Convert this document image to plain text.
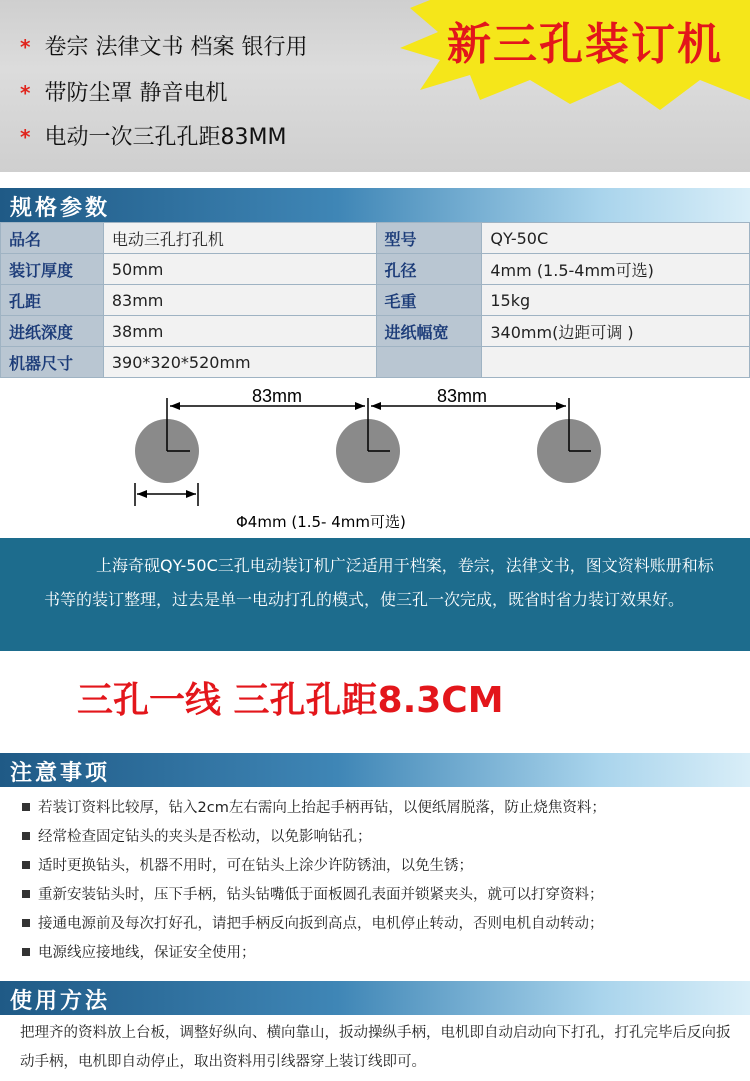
* 卷宗 法律文书 档案 银行用
* 带防尘罩 静音电机
* 电动一次三孔孔距83MM
新三孔装订机
规格参数
品名	电动三孔打孔机	型号	QY-50C
装订厚度	50mm	孔径	4mm (1.5-4mm可选)
孔距	83mm	毛重	15kg
进纸深度	38mm	进纸幅宽	340mm(边距可调 )
机器尺寸	390*320*520mm		
83mm	83mm
Φ4mm (1.5- 4mm可选)

上海奇砚QY-50C三孔电动装订机广泛适用于档案，卷宗，法律文书，图文资料账册和标书等的装订整理，过去是单一电动打孔的模式，使三孔一次完成，既省时省力装订效果好。

三孔一线 三孔孔距8.3CM
注意事项
若装订资料比较厚，钻入2cm左右需向上抬起手柄再钻，以便纸屑脱落，防止烧焦资料；
经常检查固定钻头的夹头是否松动，以免影响钻孔；
适时更换钻头，机器不用时，可在钻头上涂少许防锈油，以免生锈；
重新安装钻头时，压下手柄，钻头钻嘴低于面板圆孔表面并锁紧夹头，就可以打穿资料；
接通电源前及每次打好孔，请把手柄反向扳到高点，电机停止转动，否则电机自动转动；
电源线应接地线，保证安全使用；
使用方法
把理齐的资料放上台板，调整好纵向、横向靠山，扳动操纵手柄，电机即自动启动向下打孔，打孔完毕后反向扳动手柄，电机即自动停止，取出资料用引线器穿上装订线即可。
